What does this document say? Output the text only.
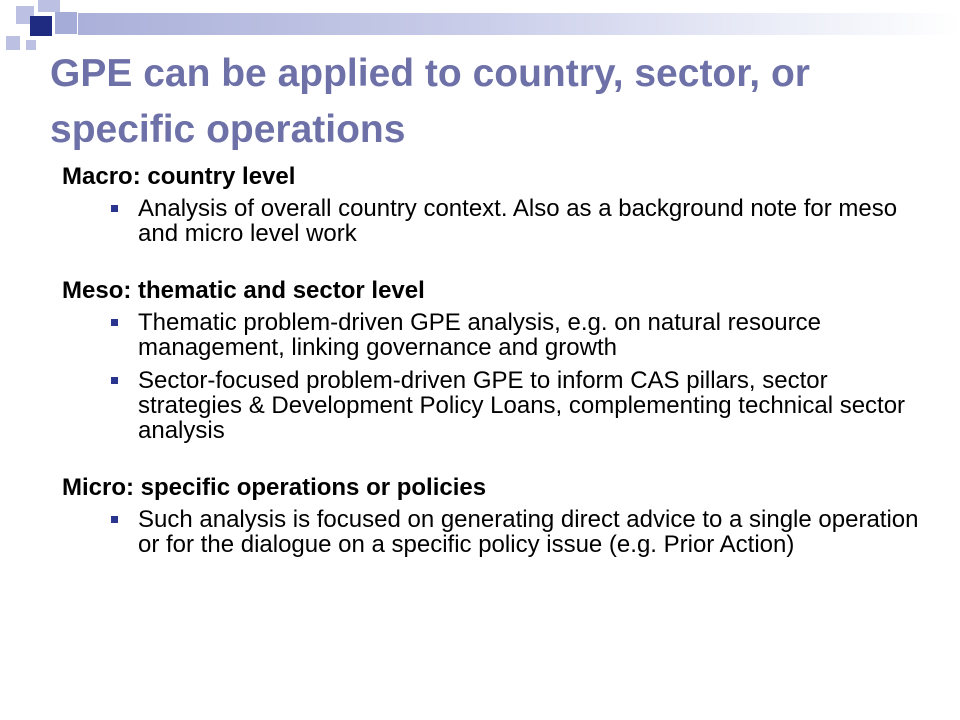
GPE can be applied to country, sector, or specific operations
Macro: country level
Analysis of overall country context. Also as a background note for meso and micro level work
Meso: thematic and sector level
Thematic problem-driven GPE analysis, e.g. on natural resource management, linking governance and growth
Sector-focused problem-driven GPE to inform CAS pillars, sector strategies & Development Policy Loans, complementing technical sector analysis
Micro: specific operations or policies
Such analysis is focused on generating direct advice to a single operation or for the dialogue on a specific policy issue (e.g. Prior Action)
